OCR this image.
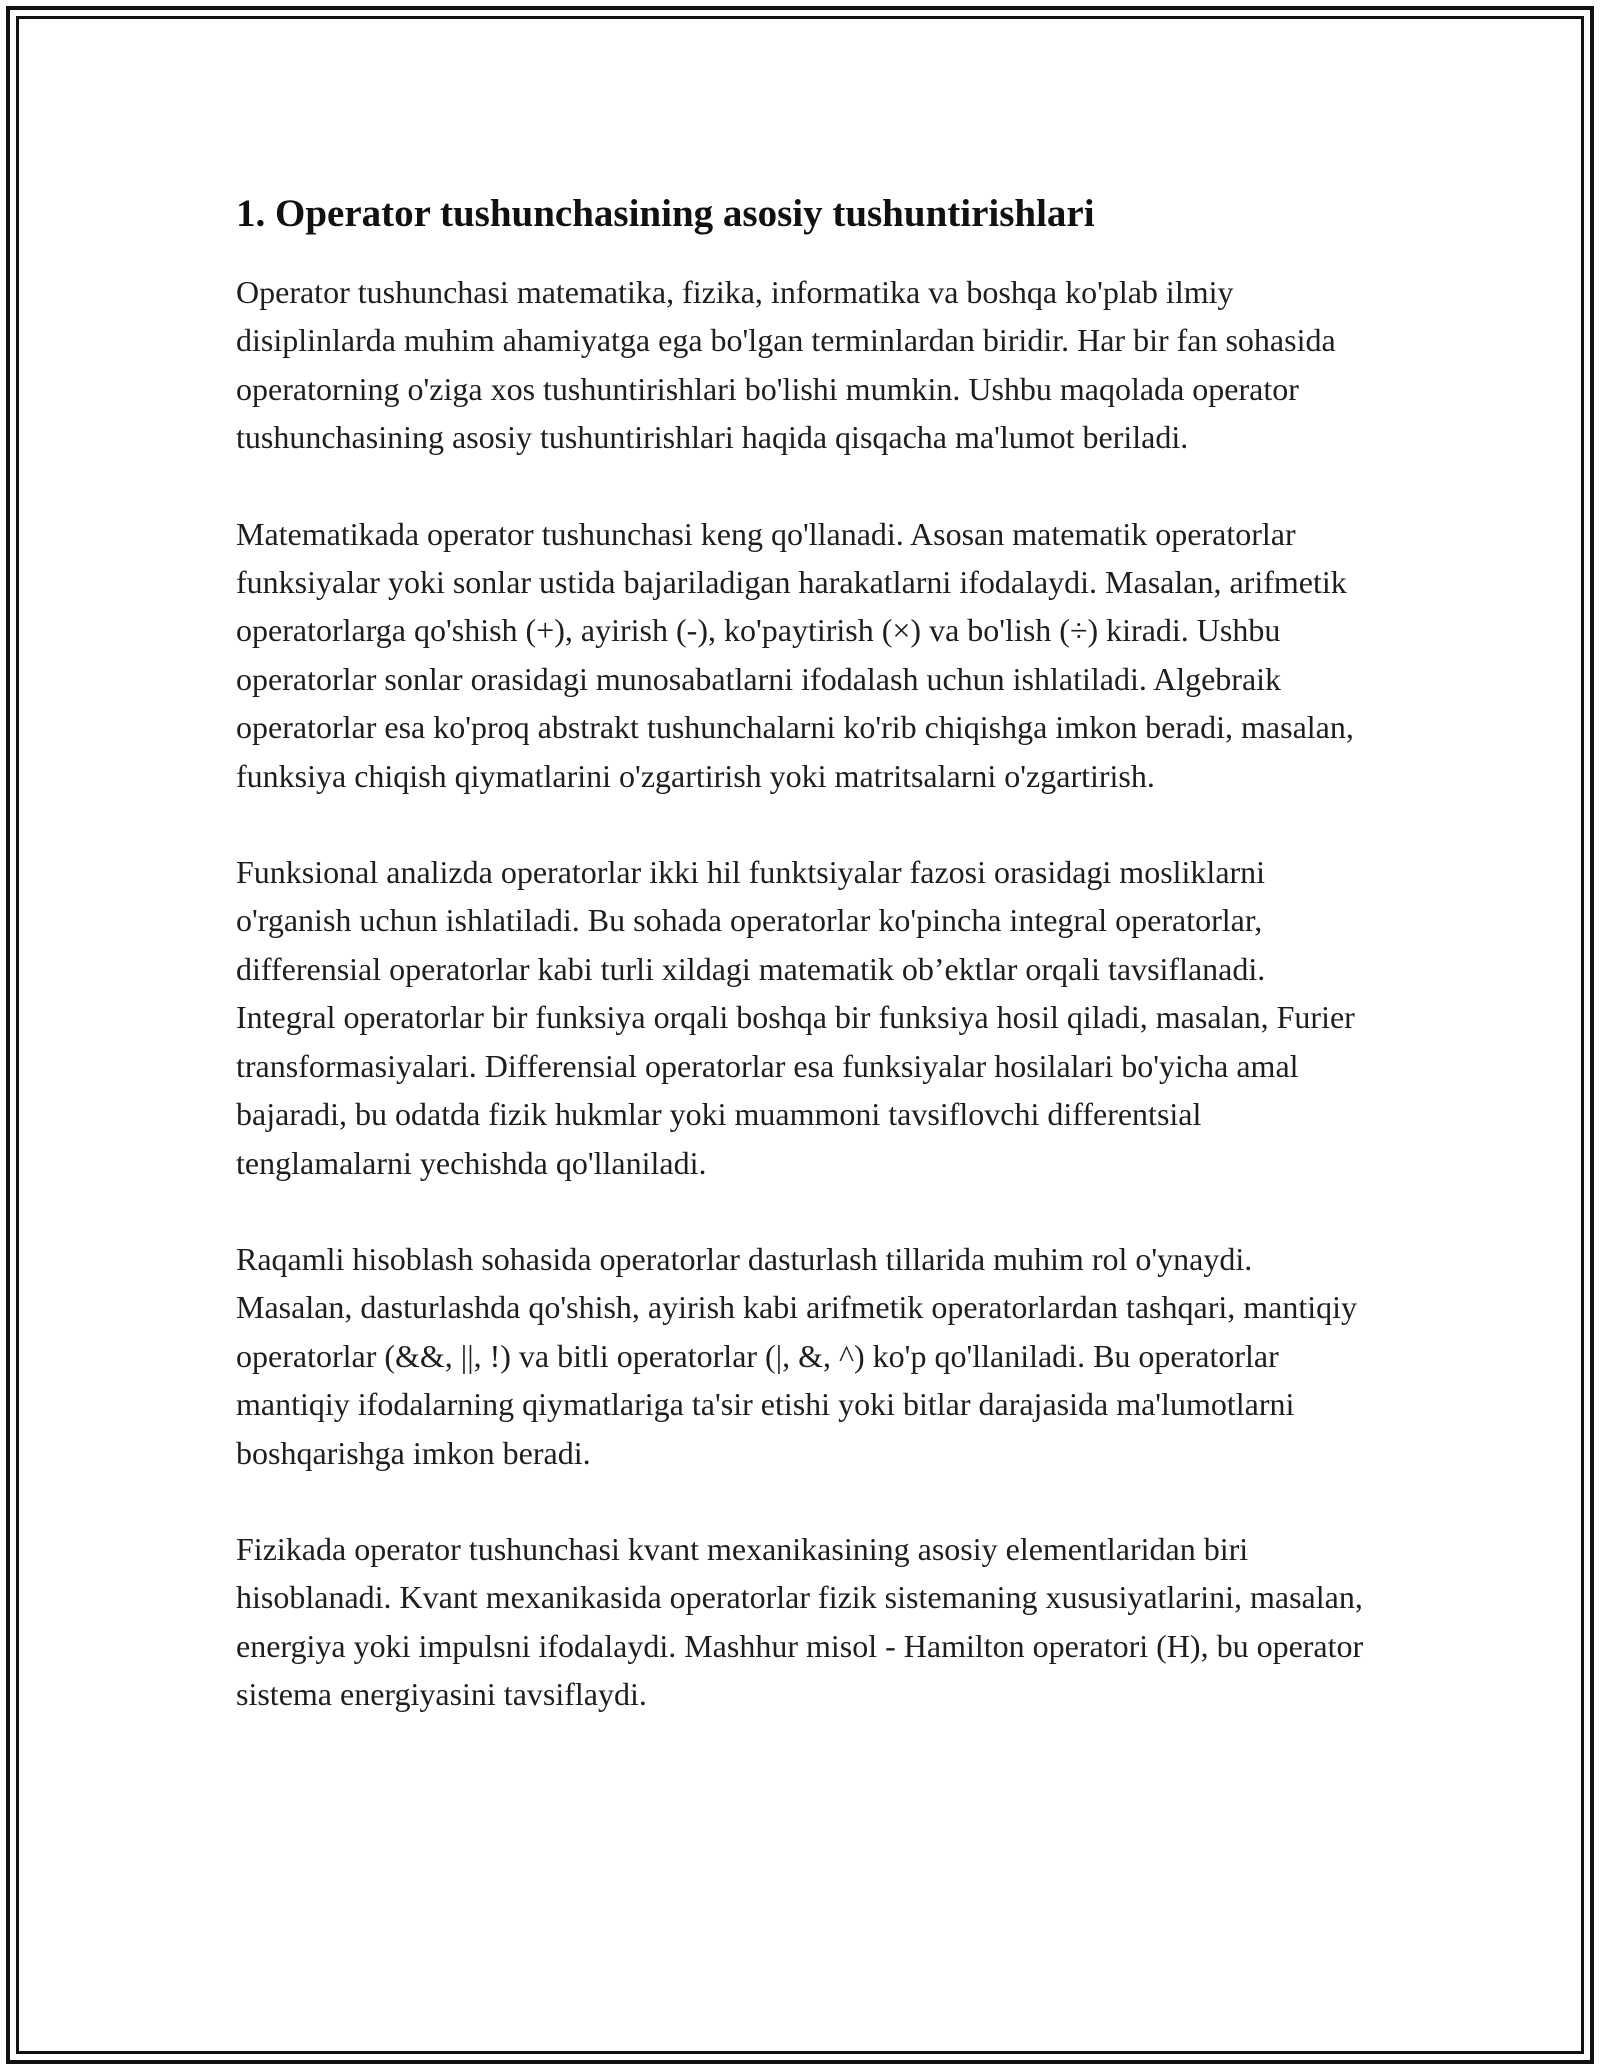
1. Operator tushunchasining asosiy tushuntirishlari

Operator tushunchasi matematika, fizika, informatika va boshqa ko'plab ilmiy disiplinlarda muhim ahamiyatga ega bo'lgan terminlardan biridir. Har bir fan sohasida operatorning o'ziga xos tushuntirishlari bo'lishi mumkin. Ushbu maqolada operator tushunchasining asosiy tushuntirishlari haqida qisqacha ma'lumot beriladi.

Matematikada operator tushunchasi keng qo'llanadi. Asosan matematik operatorlar funksiyalar yoki sonlar ustida bajariladigan harakatlarni ifodalaydi. Masalan, arifmetik operatorlarga qo'shish (+), ayirish (-), ko'paytirish (×) va bo'lish (÷) kiradi. Ushbu operatorlar sonlar orasidagi munosabatlarni ifodalash uchun ishlatiladi. Algebraik operatorlar esa ko'proq abstrakt tushunchalarni ko'rib chiqishga imkon beradi, masalan, funksiya chiqish qiymatlarini o'zgartirish yoki matritsalarni o'zgartirish.

Funksional analizda operatorlar ikki hil funktsiyalar fazosi orasidagi mosliklarni o'rganish uchun ishlatiladi. Bu sohada operatorlar ko'pincha integral operatorlar, differensial operatorlar kabi turli xildagi matematik ob’ektlar orqali tavsiflanadi. Integral operatorlar bir funksiya orqali boshqa bir funksiya hosil qiladi, masalan, Furier transformasiyalari. Differensial operatorlar esa funksiyalar hosilalari bo'yicha amal bajaradi, bu odatda fizik hukmlar yoki muammoni tavsiflovchi differentsial tenglamalarni yechishda qo'llaniladi.

Raqamli hisoblash sohasida operatorlar dasturlash tillarida muhim rol o'ynaydi. Masalan, dasturlashda qo'shish, ayirish kabi arifmetik operatorlardan tashqari, mantiqiy operatorlar (&&, ||, !) va bitli operatorlar (|, &, ^) ko'p qo'llaniladi. Bu operatorlar mantiqiy ifodalarning qiymatlariga ta'sir etishi yoki bitlar darajasida ma'lumotlarni boshqarishga imkon beradi.

Fizikada operator tushunchasi kvant mexanikasining asosiy elementlaridan biri hisoblanadi. Kvant mexanikasida operatorlar fizik sistemaning xususiyatlarini, masalan, energiya yoki impulsni ifodalaydi. Mashhur misol - Hamilton operatori (H), bu operator sistema energiyasini tavsiflaydi.
